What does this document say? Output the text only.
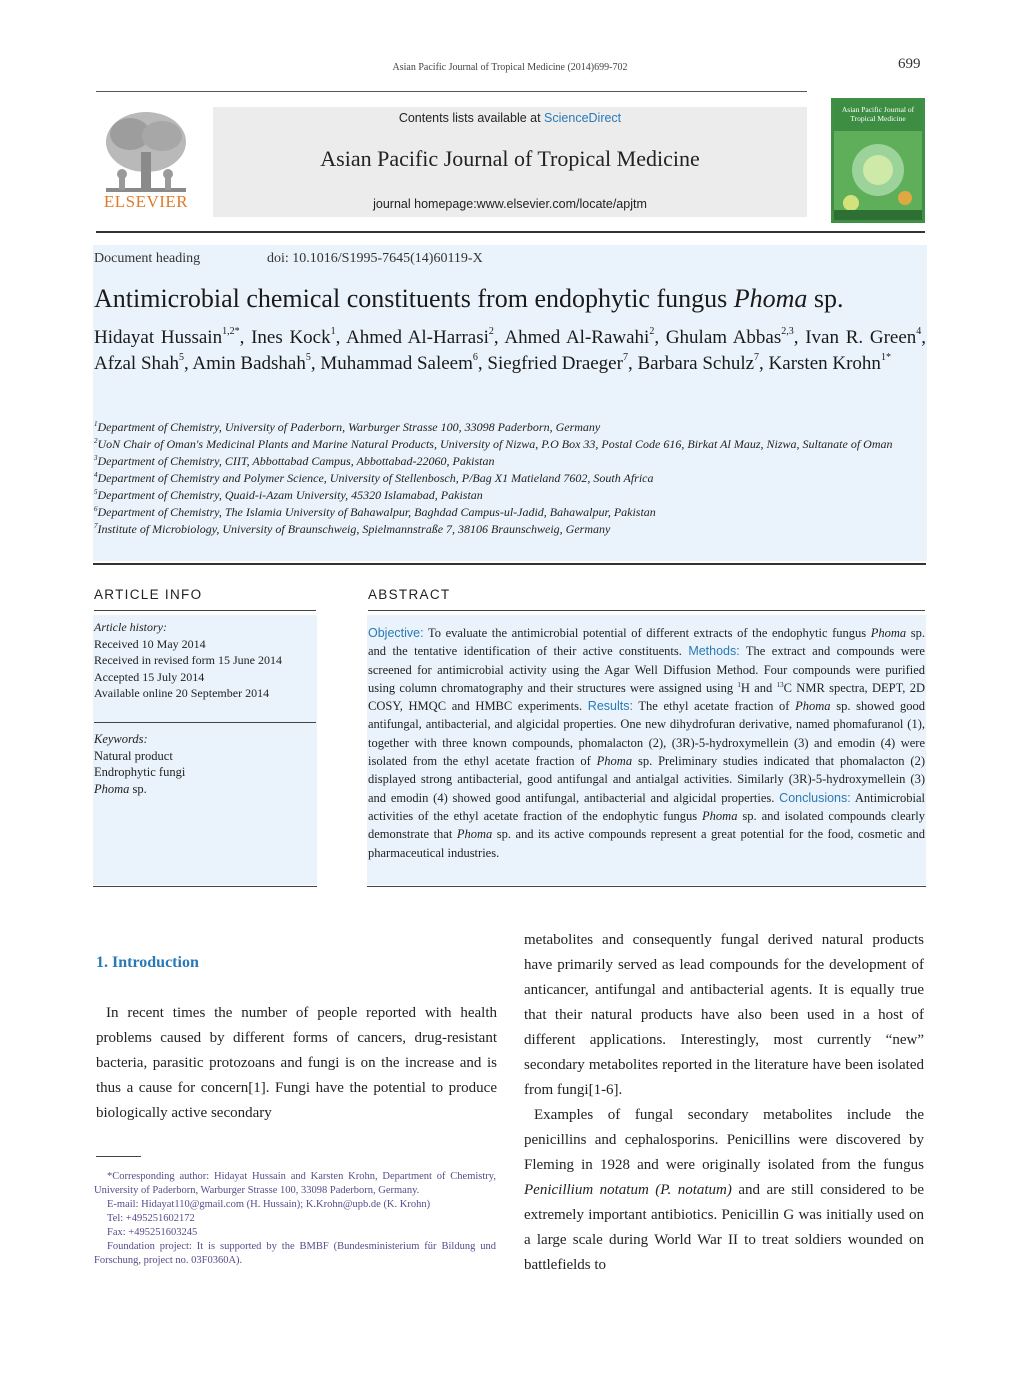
Asian Pacific Journal of Tropical Medicine (2014)699-702	699
ELSEVIER
Contents lists available at ScienceDirect
Asian Pacific Journal of Tropical Medicine
journal homepage:www.elsevier.com/locate/apjtm
Asian Pacific Journal of Tropical Medicine
Document heading	doi: 10.1016/S1995-7645(14)60119-X
Antimicrobial chemical constituents from endophytic fungus Phoma sp.
Hidayat Hussain$^{1,2*}$, Ines Kock$^1$, Ahmed Al-Harrasi$^2$, Ahmed Al-Rawahi$^2$, Ghulam Abbas$^{2,3}$, Ivan R. Green$^4$, Afzal Shah$^5$, Amin Badshah$^5$, Muhammad Saleem$^6$, Siegfried Draeger$^7$, Barbara Schulz$^7$, Karsten Krohn$^{1*}$
$^1$Department of Chemistry, University of Paderborn, Warburger Strasse 100, 33098 Paderborn, Germany
$^2$UoN Chair of Oman's Medicinal Plants and Marine Natural Products, University of Nizwa, P.O Box 33, Postal Code 616, Birkat Al Mauz, Nizwa, Sultanate of Oman
$^3$Department of Chemistry, CIIT, Abbottabad Campus, Abbottabad-22060, Pakistan
$^4$Department of Chemistry and Polymer Science, University of Stellenbosch, P/Bag X1 Matieland 7602, South Africa
$^5$Department of Chemistry, Quaid-i-Azam University, 45320 Islamabad, Pakistan
$^6$Department of Chemistry, The Islamia University of Bahawalpur, Baghdad Campus-ul-Jadid, Bahawalpur, Pakistan
$^7$Institute of Microbiology, University of Braunschweig, Spielmannstraße 7, 38106 Braunschweig, Germany
ARTICLE INFO	ABSTRACT
Article history:
Received 10 May 2014
Received in revised form 15 June 2014
Accepted 15 July 2014
Available online 20 September 2014
Keywords:
Natural product
Endrophytic fungi
Phoma sp.
Objective: To evaluate the antimicrobial potential of different extracts of the endophytic fungus Phoma sp. and the tentative identification of their active constituents. Methods: The extract and compounds were screened for antimicrobial activity using the Agar Well Diffusion Method. Four compounds were purified using column chromatography and their structures were assigned using $^1$H and $^{13}$C NMR spectra, DEPT, 2D COSY, HMQC and HMBC experiments. Results: The ethyl acetate fraction of Phoma sp. showed good antifungal, antibacterial, and algicidal properties. One new dihydrofuran derivative, named phomafuranol (1), together with three known compounds, phomalacton (2), (3R)-5-hydroxymellein (3) and emodin (4) were isolated from the ethyl acetate fraction of Phoma sp. Preliminary studies indicated that phomalacton (2) displayed strong antibacterial, good antifungal and antialgal activities. Similarly (3R)-5-hydroxymellein (3) and emodin (4) showed good antifungal, antibacterial and algicidal properties. Conclusions: Antimicrobial activities of the ethyl acetate fraction of the endophytic fungus Phoma sp. and isolated compounds clearly demonstrate that Phoma sp. and its active compounds represent a great potential for the food, cosmetic and pharmaceutical industries.
1. Introduction

In recent times the number of people reported with health problems caused by different forms of cancers, drug-resistant bacteria, parasitic protozoans and fungi is on the increase and is thus a cause for concern[1]. Fungi have the potential to produce biologically active secondary

metabolites and consequently fungal derived natural products have primarily served as lead compounds for the development of anticancer, antifungal and antibacterial agents. It is equally true that their natural products have also been used in a host of different applications. Interestingly, most currently “new” secondary metabolites reported in the literature have been isolated from fungi[1-6].

Examples of fungal secondary metabolites include the penicillins and cephalosporins. Penicillins were discovered by Fleming in 1928 and were originally isolated from the fungus Penicillium notatum (P. notatum) and are still considered to be extremely important antibiotics. Penicillin G was initially used on a large scale during World War II to treat soldiers wounded on battlefields to

*Corresponding author: Hidayat Hussain and Karsten Krohn, Department of Chemistry, University of Paderborn, Warburger Strasse 100, 33098 Paderborn, Germany.

E-mail: Hidayat110@gmail.com (H. Hussain); K.Krohn@upb.de (K. Krohn)

Tel: +495251602172

Fax: +495251603245

Foundation project: It is supported by the BMBF (Bundesministerium für Bildung und Forschung, project no. 03F0360A).
